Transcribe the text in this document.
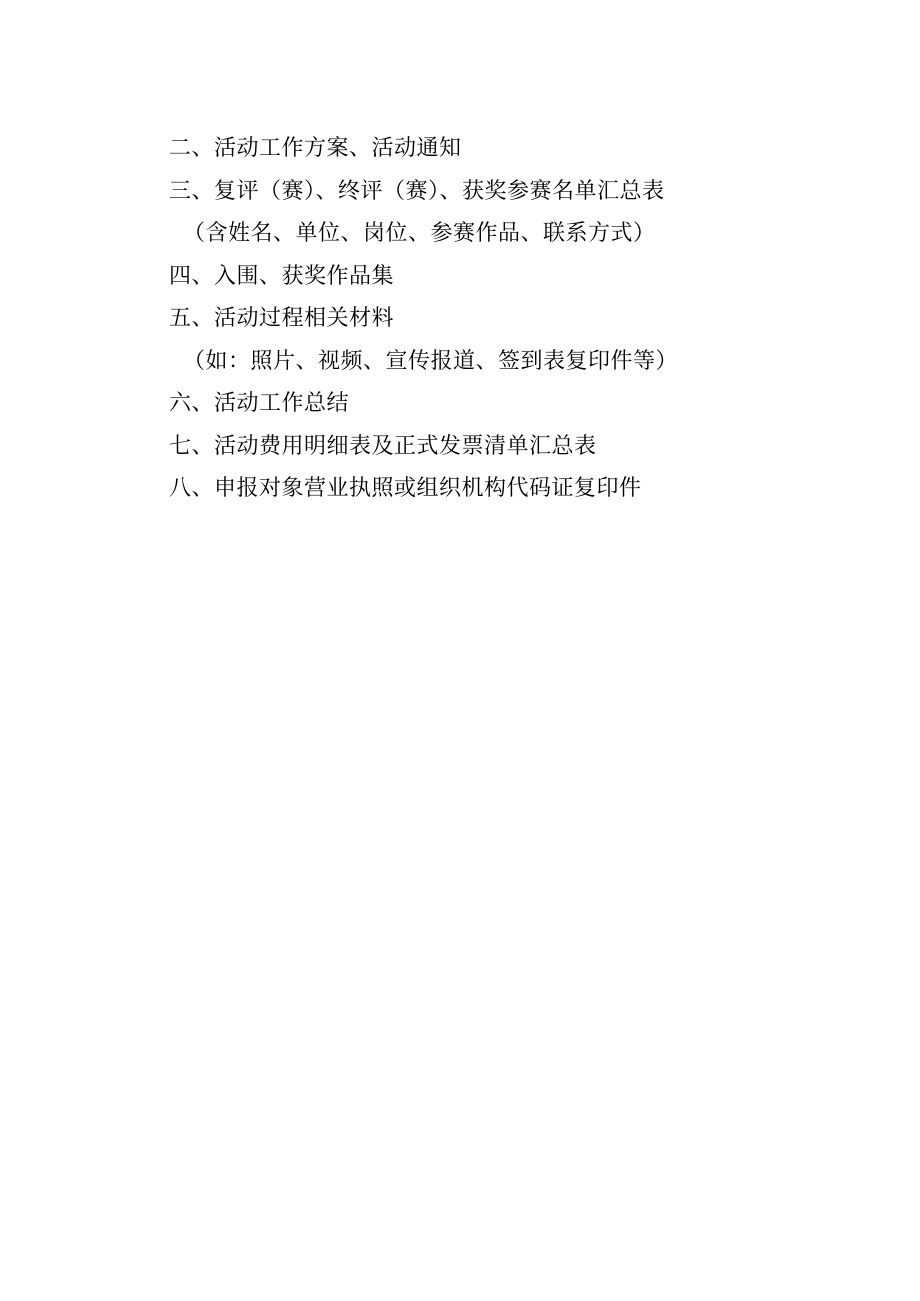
二、活动工作方案、活动通知
三、复评（赛）、终评（赛）、获奖参赛名单汇总表
（含姓名、单位、岗位、参赛作品、联系方式）
四、入围、获奖作品集
五、活动过程相关材料
（如：照片、视频、宣传报道、签到表复印件等）
六、活动工作总结
七、活动费用明细表及正式发票清单汇总表
八、申报对象营业执照或组织机构代码证复印件
